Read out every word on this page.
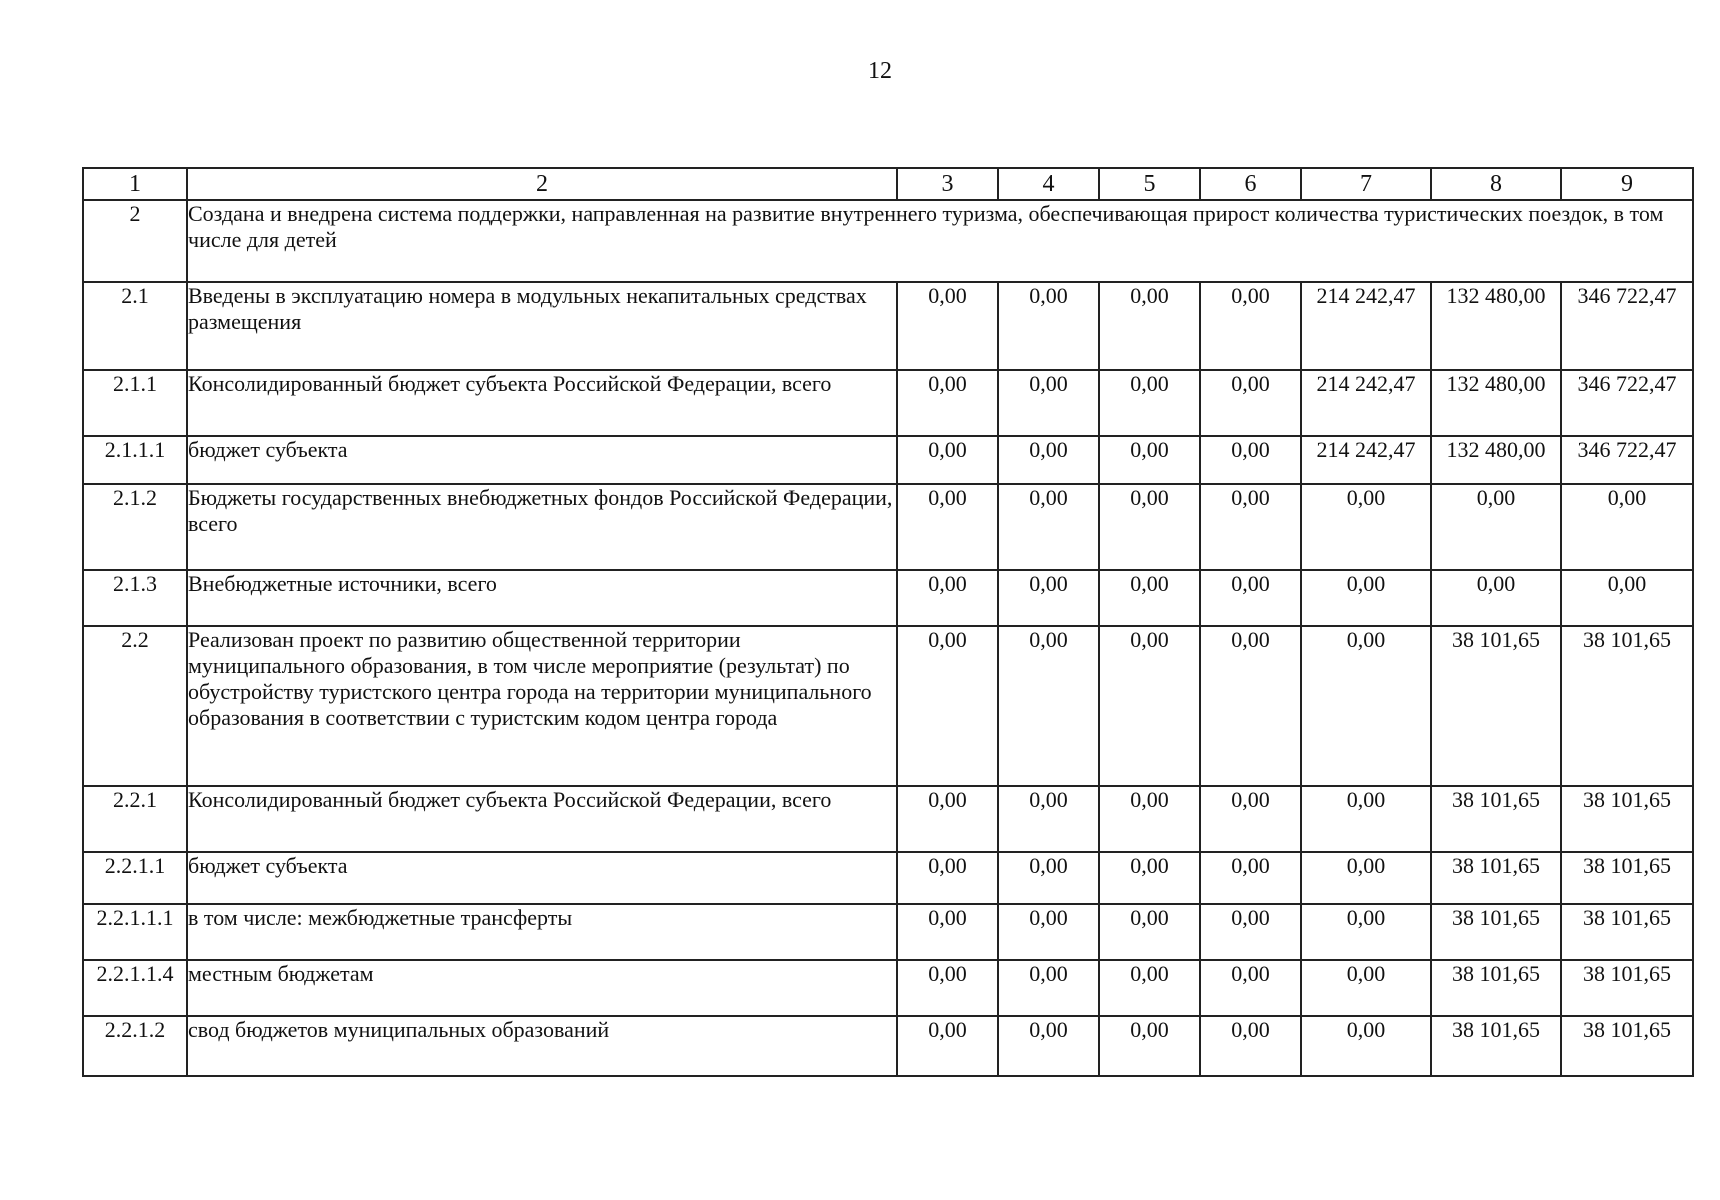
12
1	2	3	4	5	6	7	8	9
2	Создана и внедрена система поддержки, направленная на развитие внутреннего туризма, обеспечивающая прирост количества туристических поездок, в том числе для детей							
2.1	Введены в эксплуатацию номера в модульных некапитальных средствах размещения	0,00	0,00	0,00	0,00	214 242,47	132 480,00	346 722,47
2.1.1	Консолидированный бюджет субъекта Российской Федерации, всего	0,00	0,00	0,00	0,00	214 242,47	132 480,00	346 722,47
2.1.1.1	бюджет субъекта	0,00	0,00	0,00	0,00	214 242,47	132 480,00	346 722,47
2.1.2	Бюджеты государственных внебюджетных фондов Российской Федерации, всего	0,00	0,00	0,00	0,00	0,00	0,00	0,00
2.1.3	Внебюджетные источники, всего	0,00	0,00	0,00	0,00	0,00	0,00	0,00
2.2	Реализован проект по развитию общественной территории муниципального образования, в том числе мероприятие (результат) по обустройству туристского центра города на территории муниципального образования в соответствии с туристским кодом центра города	0,00	0,00	0,00	0,00	0,00	38 101,65	38 101,65
2.2.1	Консолидированный бюджет субъекта Российской Федерации, всего	0,00	0,00	0,00	0,00	0,00	38 101,65	38 101,65
2.2.1.1	бюджет субъекта	0,00	0,00	0,00	0,00	0,00	38 101,65	38 101,65
2.2.1.1.1	в том числе: межбюджетные трансферты	0,00	0,00	0,00	0,00	0,00	38 101,65	38 101,65
2.2.1.1.4	местным бюджетам	0,00	0,00	0,00	0,00	0,00	38 101,65	38 101,65
2.2.1.2	свод бюджетов муниципальных образований	0,00	0,00	0,00	0,00	0,00	38 101,65	38 101,65
